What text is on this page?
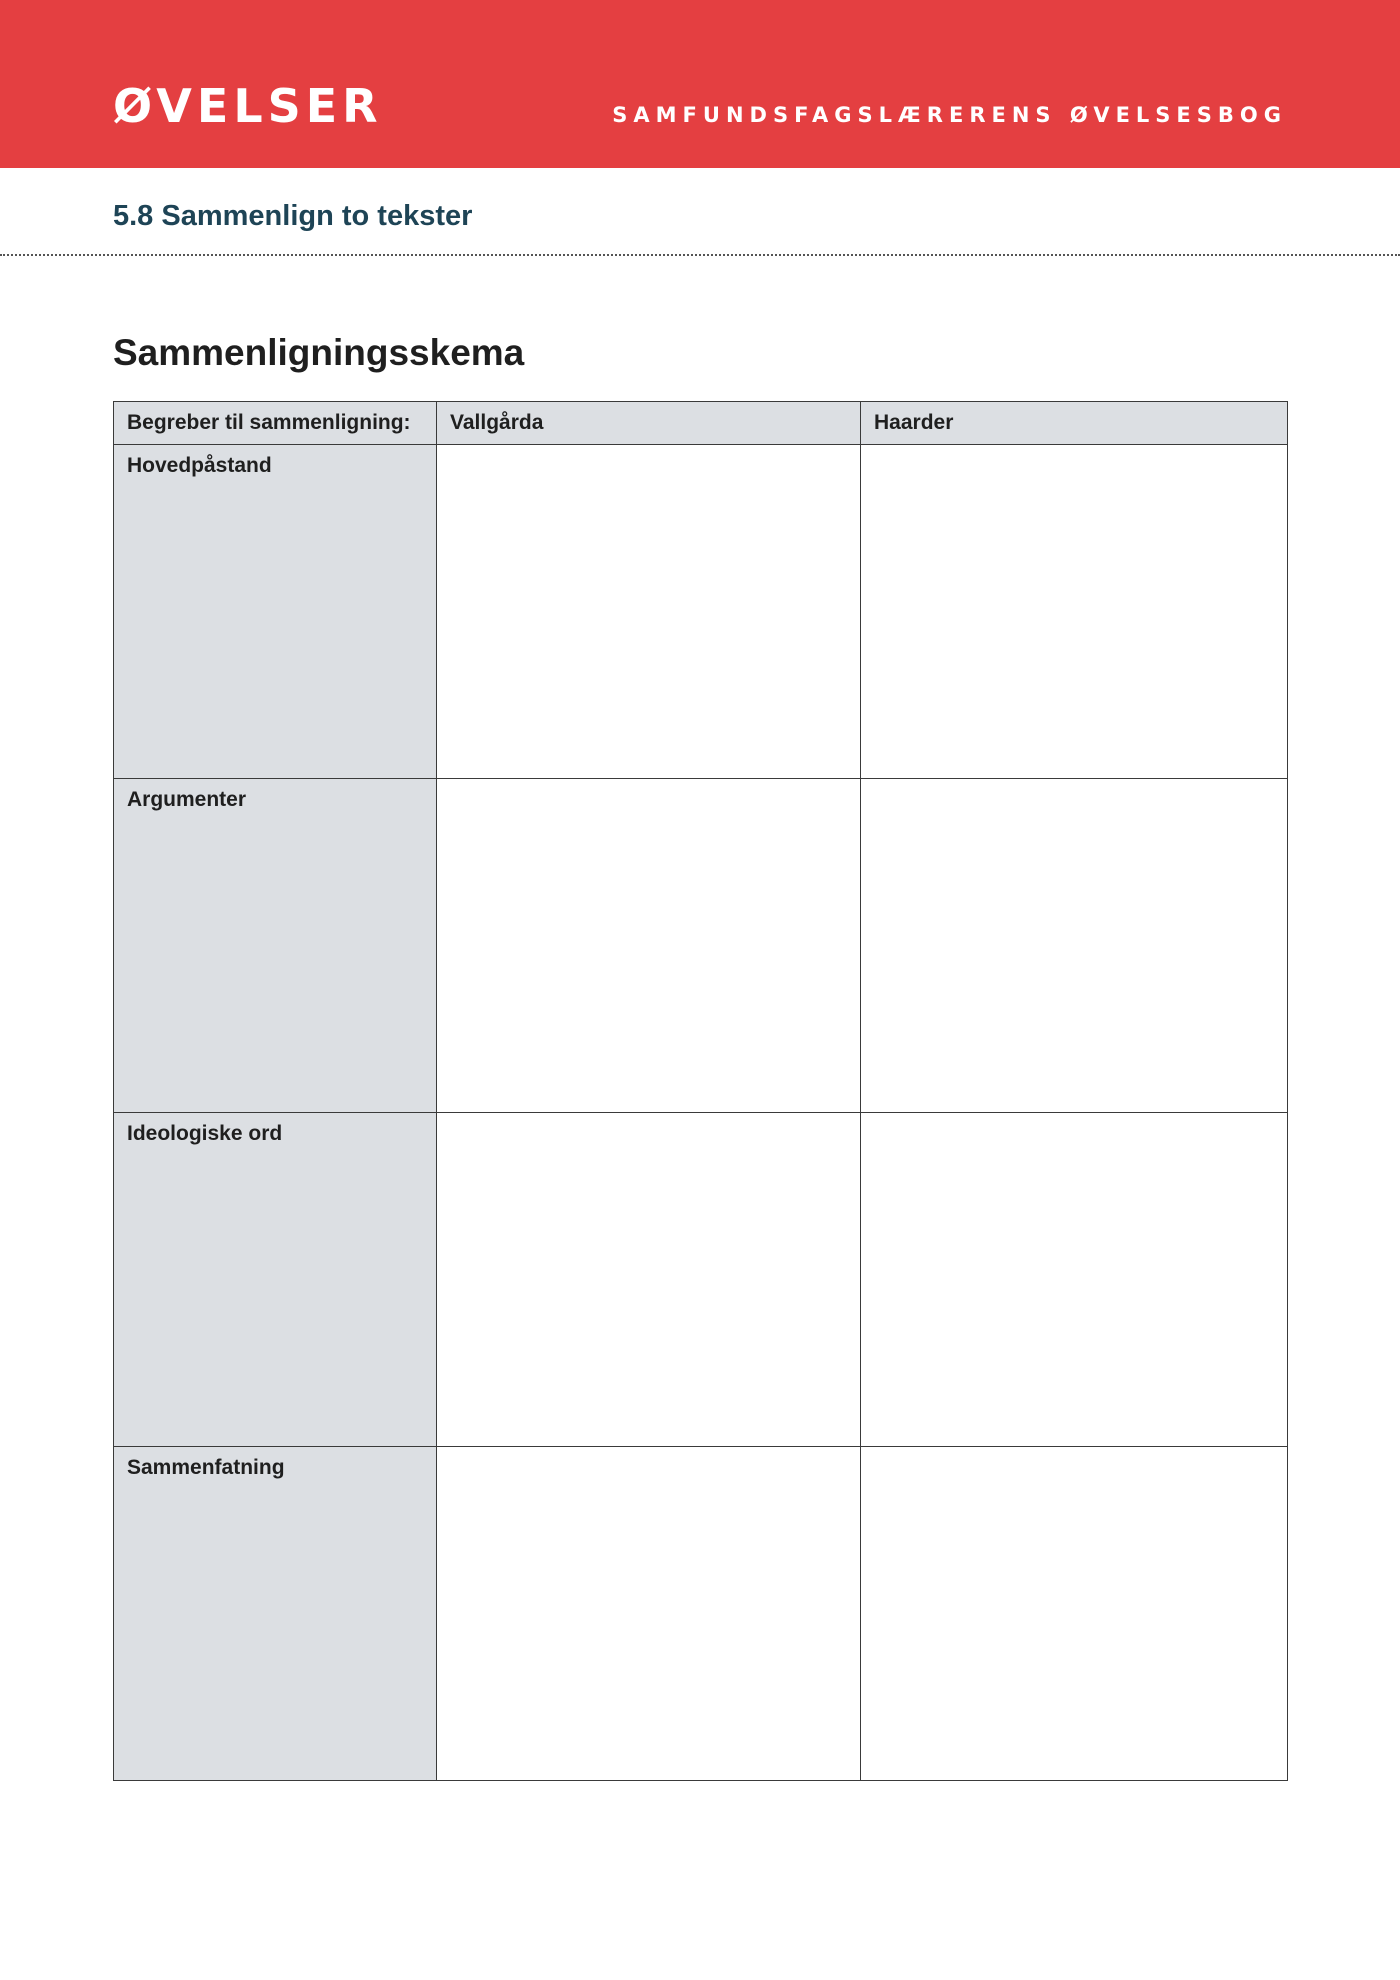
ØVELSER	SAMFUNDSFAGSLÆRERENS ØVELSESBOG
5.8 Sammenlign to tekster
Sammenligningsskema
Begreber til sammenligning:	Vallgårda	Haarder
Hovedpåstand		
Argumenter		
Ideologiske ord		
Sammenfatning		
